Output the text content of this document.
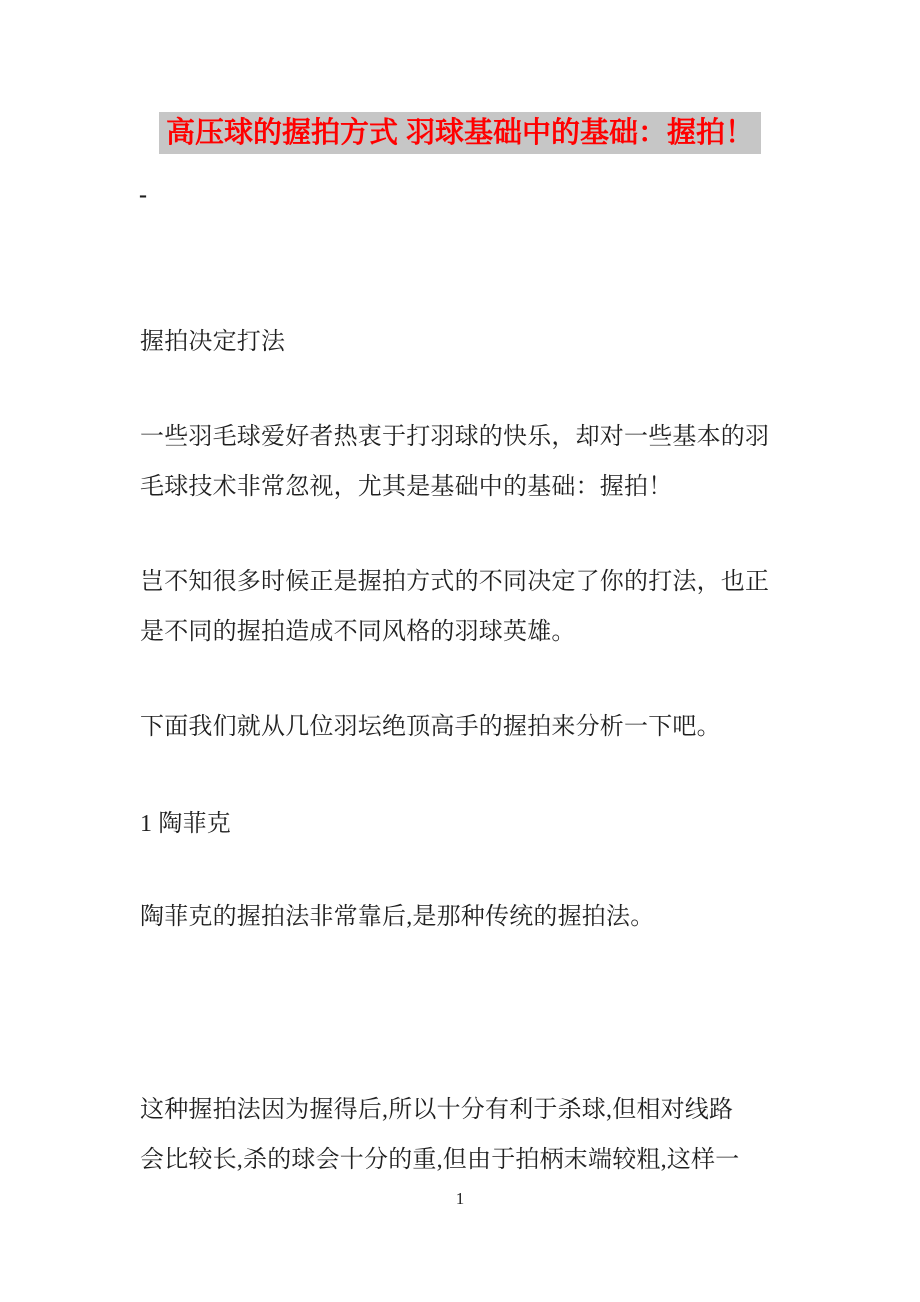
高压球的握拍方式 羽球基础中的基础：握拍！
-
握拍决定打法
一些羽毛球爱好者热衷于打羽球的快乐，却对一些基本的羽
毛球技术非常忽视，尤其是基础中的基础：握拍！
岂不知很多时候正是握拍方式的不同决定了你的打法，也正
是不同的握拍造成不同风格的羽球英雄。
下面我们就从几位羽坛绝顶高手的握拍来分析一下吧。
1 陶菲克
陶菲克的握拍法非常靠后,是那种传统的握拍法。
这种握拍法因为握得后,所以十分有利于杀球,但相对线路
会比较长,杀的球会十分的重,但由于拍柄末端较粗,这样一
1
